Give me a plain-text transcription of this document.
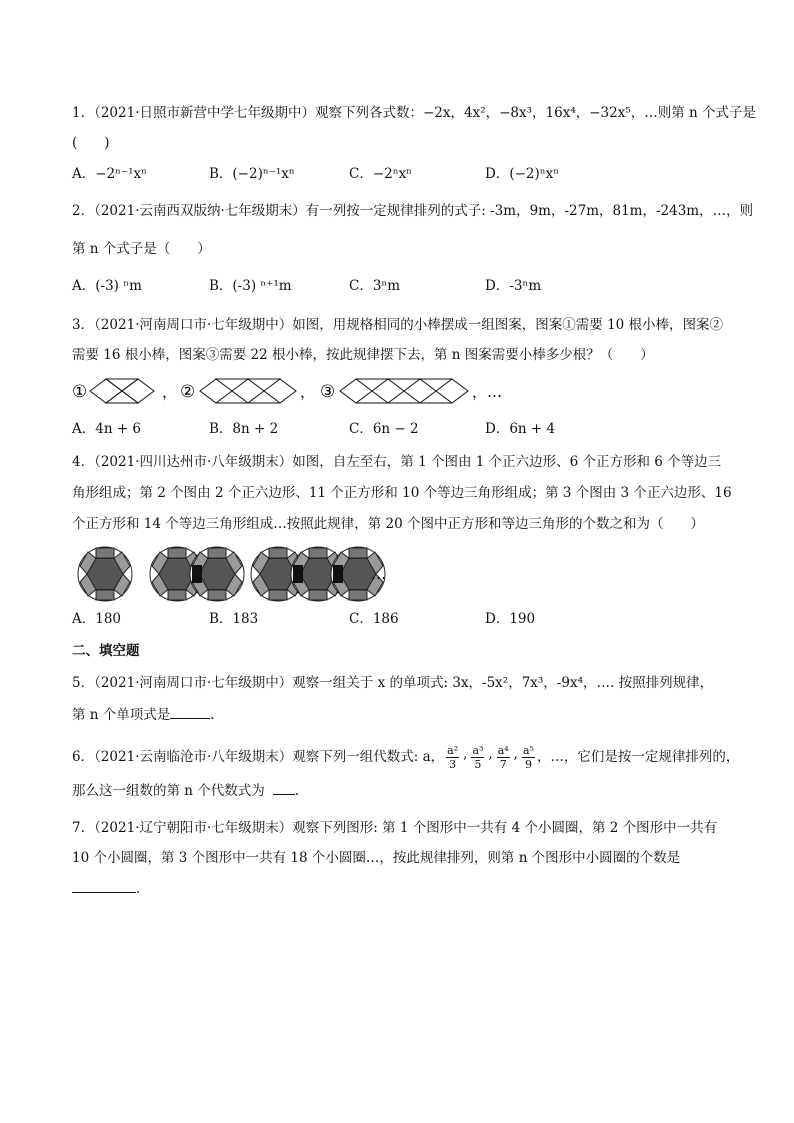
1．（2021·日照市新营中学七年级期中）观察下列各式数：−2x，4x²，−8x³，16x⁴，−32x⁵，…则第 n 个式子是
(　　)
A．−2ⁿ⁻¹xⁿ	B．(−2)ⁿ⁻¹xⁿ	C．−2ⁿxⁿ	D．(−2)ⁿxⁿ
2．（2021·云南西双版纳·七年级期末）有一列按一定规律排列的式子: -3m，9m，-27m，81m，-243m，…，则
第 n 个式子是（　　）
A．(-3) ⁿm	B．(-3) ⁿ⁺¹m	C．3ⁿm	D．-3ⁿm
3．（2021·河南周口市·七年级期中）如图，用规格相同的小棒摆成一组图案，图案①需要 10 根小棒，图案②
需要 16 根小棒，图案③需要 22 根小棒，按此规律摆下去，第 n 图案需要小棒多少根？（　　）
①	， ②	， ③	，…
A．4n + 6	B．8n + 2	C．6n − 2	D．6n + 4
4．（2021·四川达州市·八年级期末）如图，自左至右，第 1 个图由 1 个正六边形、6 个正方形和 6 个等边三
角形组成；第 2 个图由 2 个正六边形、11 个正方形和 10 个等边三角形组成；第 3 个图由 3 个正六边形、16
个正方形和 14 个等边三角形组成…按照此规律，第 20 个图中正方形和等边三角形的个数之和为（　　）
…
A．180	B．183	C．186	D．190
二、填空题
5．（2021·河南周口市·七年级期中）观察一组关于 x 的单项式: 3x，-5x²，7x³，-9x⁴，…. 按照排列规律，
第 n 个单项式是	.
6．（2021·云南临沧市·八年级期末）观察下列一组代数式: a， $\frac{\text{a²}}{3}$ , $\frac{\text{a³}}{5}$ , $\frac{\text{a⁴}}{7}$ , $\frac{\text{a⁵}}{9}$ ，…，它们是按一定规律排列的，
那么这一组数的第 n 个代数式为 .
7．（2021·辽宁朝阳市·七年级期末）观察下列图形: 第 1 个图形中一共有 4 个小圆圈，第 2 个图形中一共有
10 个小圆圈，第 3 个图形中一共有 18 个小圆圈…，按此规律排列，则第 n 个图形中小圆圈的个数是
.
